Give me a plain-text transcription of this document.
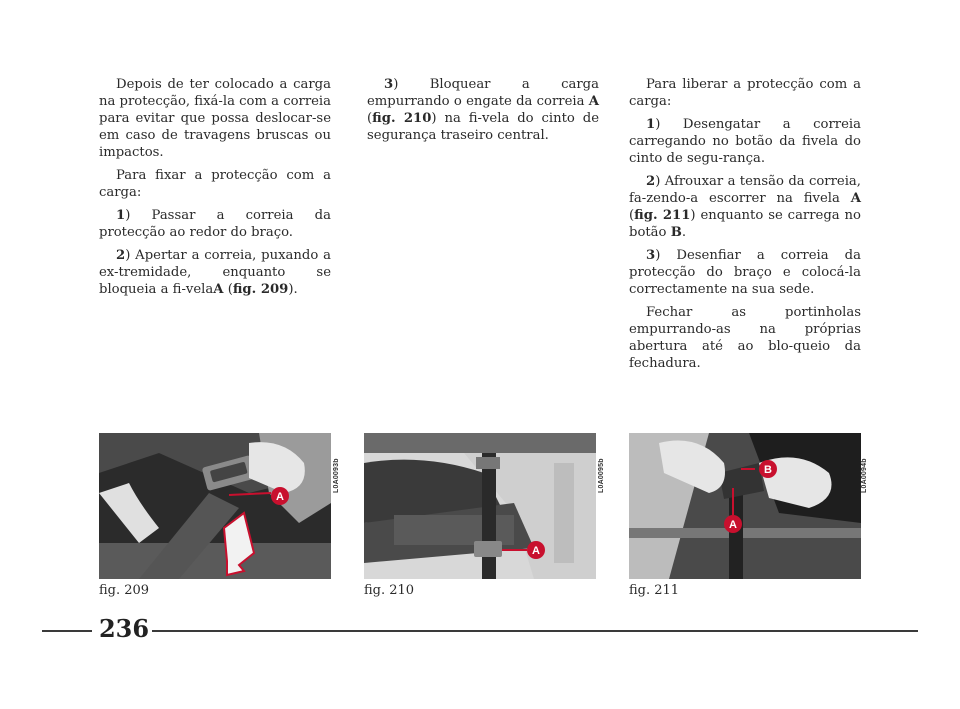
Depois de ter colocado a carga na protecção, fixá-la com a correia para evitar que possa deslocar-se em caso de travagens bruscas ou impactos.

Para fixar a protecção com a carga:

1) Passar a correia da protecção ao redor do braço.

2) Apertar a correia, puxando a ex-tremidade, enquanto se bloqueia a fi-velaA (fig. 209).

3) Bloquear a carga empurrando o engate da correia A (fig. 210) na fi-vela do cinto de segurança traseiro central.

Para liberar a protecção com a carga:

1) Desengatar a correia carregando no botão da fivela do cinto de segu-rança.

2) Afrouxar a tensão da correia, fa-zendo-a escorrer na fivela A (fig. 211) enquanto se carrega no botão B.

3) Desenfiar a correia da protecção do braço e colocá-la correctamente na sua sede.

Fechar as portinholas empurrando-as na próprias abertura até ao blo-queio da fechadura.

A
L0A0093b
fig. 209
A
L0A0095b
fig. 210
B
A
L0A0094b
fig. 211
236
